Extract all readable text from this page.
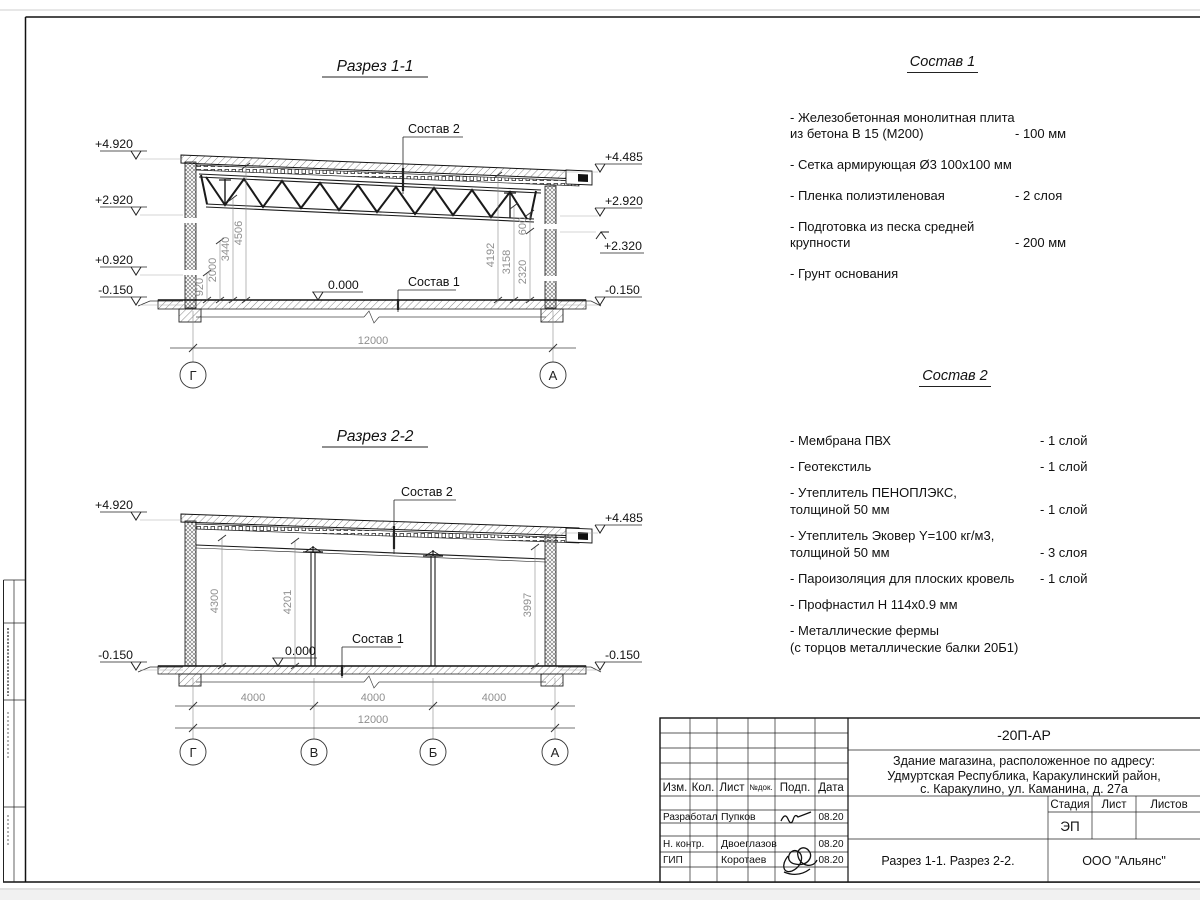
Разрез 1-1
+4.920
+2.920
+0.920
-0.150
+4.485
+2.920
+2.320
-0.150
920
2000
3440
4506
4192 3158 2320
600
12000
Г	А
Состав 2
Состав 1
0.000
Разрез 2-2
+4.920
-0.150
+4.485
-0.150
4300	4201	3997
4000	4000	4000
12000
Г	В	Б	А
Состав 2
Состав 1
0.000
Изм. Кол. Лист №док. Подп. Дата
Разработал Пупков	08.20
Н. контр. Двоеглазов	08.20
ГИП	Коротаев	08.20
-20П-АР
Здание магазина, расположенное по адресу:
Удмуртская Республика, Каракулинский район,
с. Каракулино, ул. Каманина, д. 27а
Стадия Лист Листов
ЭП
Разрез 1-1. Разрез 2-2.	ООО "Альянс"
Состав 1
- Железобетонная монолитная плита
из бетона В 15 (М200)	- 100 мм
- Сетка армирующая Ø3 100х100 мм
- Пленка полиэтиленовая	- 2 слоя
- Подготовка из песка средней
крупности	- 200 мм
- Грунт основания
Состав 2
- Мембрана ПВХ	- 1 слой
- Геотекстиль	- 1 слой
- Утеплитель ПЕНОПЛЭКС,
толщиной 50 мм	- 1 слой
- Утеплитель Эковер Y=100 кг/м3,
толщиной 50 мм	- 3 слоя
- Пароизоляция для плоских кровель	- 1 слой
- Профнастил Н 114х0.9 мм
- Металлические фермы
(с торцов металлические балки 20Б1)
